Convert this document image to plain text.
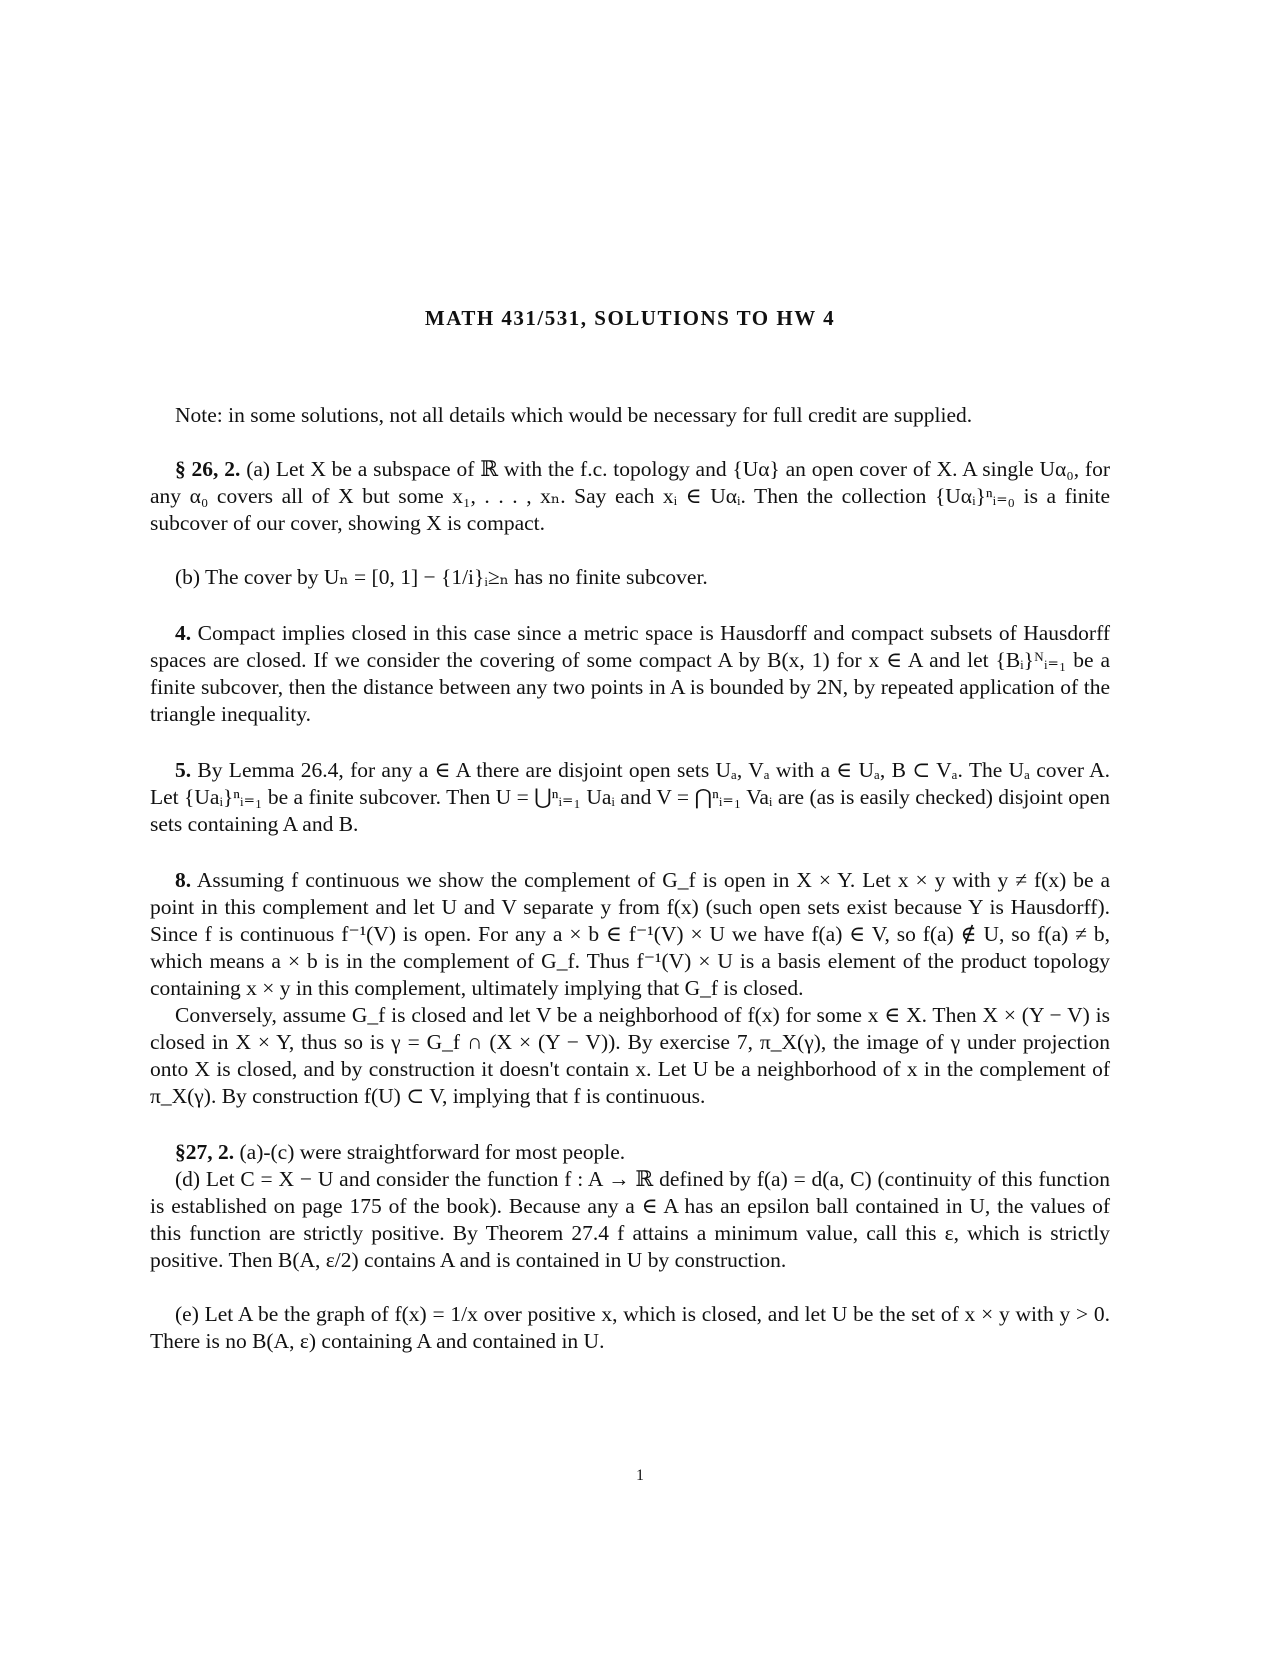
MATH 431/531, SOLUTIONS TO HW 4

Note: in some solutions, not all details which would be necessary for full credit are supplied.

§ 26, 2. (a) Let X be a subspace of ℝ with the f.c. topology and {Uα} an open cover of X. A single Uα₀, for any α₀ covers all of X but some x₁, . . . , xₙ. Say each xᵢ ∈ Uαᵢ. Then the collection {Uαᵢ}ⁿᵢ₌₀ is a finite subcover of our cover, showing X is compact.

(b) The cover by Uₙ = [0, 1] − {1/i}ᵢ≥ₙ has no finite subcover.

4. Compact implies closed in this case since a metric space is Hausdorff and compact subsets of Hausdorff spaces are closed. If we consider the covering of some compact A by B(x, 1) for x ∈ A and let {Bᵢ}ᴺᵢ₌₁ be a finite subcover, then the distance between any two points in A is bounded by 2N, by repeated application of the triangle inequality.

5. By Lemma 26.4, for any a ∈ A there are disjoint open sets Uₐ, Vₐ with a ∈ Uₐ, B ⊂ Vₐ. The Uₐ cover A. Let {Uaᵢ}ⁿᵢ₌₁ be a finite subcover. Then U = ⋃ⁿᵢ₌₁ Uaᵢ and V = ⋂ⁿᵢ₌₁ Vaᵢ are (as is easily checked) disjoint open sets containing A and B.

8. Assuming f continuous we show the complement of G_f is open in X × Y. Let x × y with y ≠ f(x) be a point in this complement and let U and V separate y from f(x) (such open sets exist because Y is Hausdorff). Since f is continuous f⁻¹(V) is open. For any a × b ∈ f⁻¹(V) × U we have f(a) ∈ V, so f(a) ∉ U, so f(a) ≠ b, which means a × b is in the complement of G_f. Thus f⁻¹(V) × U is a basis element of the product topology containing x × y in this complement, ultimately implying that G_f is closed.

Conversely, assume G_f is closed and let V be a neighborhood of f(x) for some x ∈ X. Then X × (Y − V) is closed in X × Y, thus so is γ = G_f ∩ (X × (Y − V)). By exercise 7, π_X(γ), the image of γ under projection onto X is closed, and by construction it doesn't contain x. Let U be a neighborhood of x in the complement of π_X(γ). By construction f(U) ⊂ V, implying that f is continuous.

§27, 2. (a)-(c) were straightforward for most people.

(d) Let C = X − U and consider the function f : A → ℝ defined by f(a) = d(a, C) (continuity of this function is established on page 175 of the book). Because any a ∈ A has an epsilon ball contained in U, the values of this function are strictly positive. By Theorem 27.4 f attains a minimum value, call this ε, which is strictly positive. Then B(A, ε/2) contains A and is contained in U by construction.

(e) Let A be the graph of f(x) = 1/x over positive x, which is closed, and let U be the set of x × y with y > 0. There is no B(A, ε) containing A and contained in U.

1
